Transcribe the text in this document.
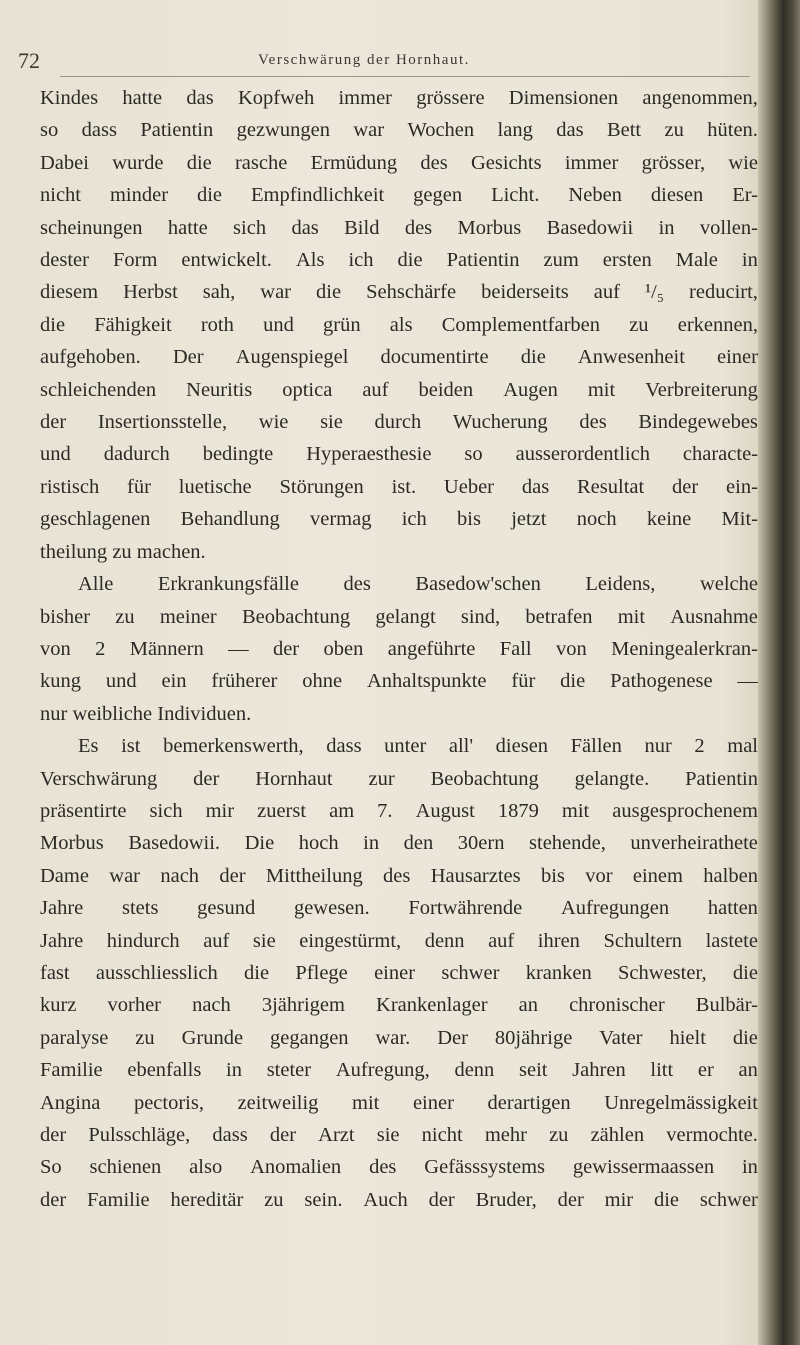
72	Verschwärung der Hornhaut.
Kindes hatte das Kopfweh immer grössere Dimensionen angenommen,
so dass Patientin gezwungen war Wochen lang das Bett zu hüten.
Dabei wurde die rasche Ermüdung des Gesichts immer grösser, wie
nicht minder die Empfindlichkeit gegen Licht. Neben diesen Er-
scheinungen hatte sich das Bild des Morbus Basedowii in vollen-
dester Form entwickelt. Als ich die Patientin zum ersten Male in
diesem Herbst sah, war die Sehschärfe beiderseits auf ¹/₅ reducirt,
die Fähigkeit roth und grün als Complementfarben zu erkennen,
aufgehoben. Der Augenspiegel documentirte die Anwesenheit einer
schleichenden Neuritis optica auf beiden Augen mit Verbreiterung
der Insertionsstelle, wie sie durch Wucherung des Bindegewebes
und dadurch bedingte Hyperaesthesie so ausserordentlich characte-
ristisch für luetische Störungen ist. Ueber das Resultat der ein-
geschlagenen Behandlung vermag ich bis jetzt noch keine Mit-
theilung zu machen.
Alle Erkrankungsfälle des Basedow'schen Leidens, welche
bisher zu meiner Beobachtung gelangt sind, betrafen mit Ausnahme
von 2 Männern — der oben angeführte Fall von Meningealerkran-
kung und ein früherer ohne Anhaltspunkte für die Pathogenese —
nur weibliche Individuen.
Es ist bemerkenswerth, dass unter all' diesen Fällen nur 2 mal
Verschwärung der Hornhaut zur Beobachtung gelangte. Patientin
präsentirte sich mir zuerst am 7. August 1879 mit ausgesprochenem
Morbus Basedowii. Die hoch in den 30ern stehende, unverheirathete
Dame war nach der Mittheilung des Hausarztes bis vor einem halben
Jahre stets gesund gewesen. Fortwährende Aufregungen hatten
Jahre hindurch auf sie eingestürmt, denn auf ihren Schultern lastete
fast ausschliesslich die Pflege einer schwer kranken Schwester, die
kurz vorher nach 3jährigem Krankenlager an chronischer Bulbär-
paralyse zu Grunde gegangen war. Der 80jährige Vater hielt die
Familie ebenfalls in steter Aufregung, denn seit Jahren litt er an
Angina pectoris, zeitweilig mit einer derartigen Unregelmässigkeit
der Pulsschläge, dass der Arzt sie nicht mehr zu zählen vermochte.
So schienen also Anomalien des Gefässsystems gewissermaassen in
der Familie hereditär zu sein. Auch der Bruder, der mir die schwer
